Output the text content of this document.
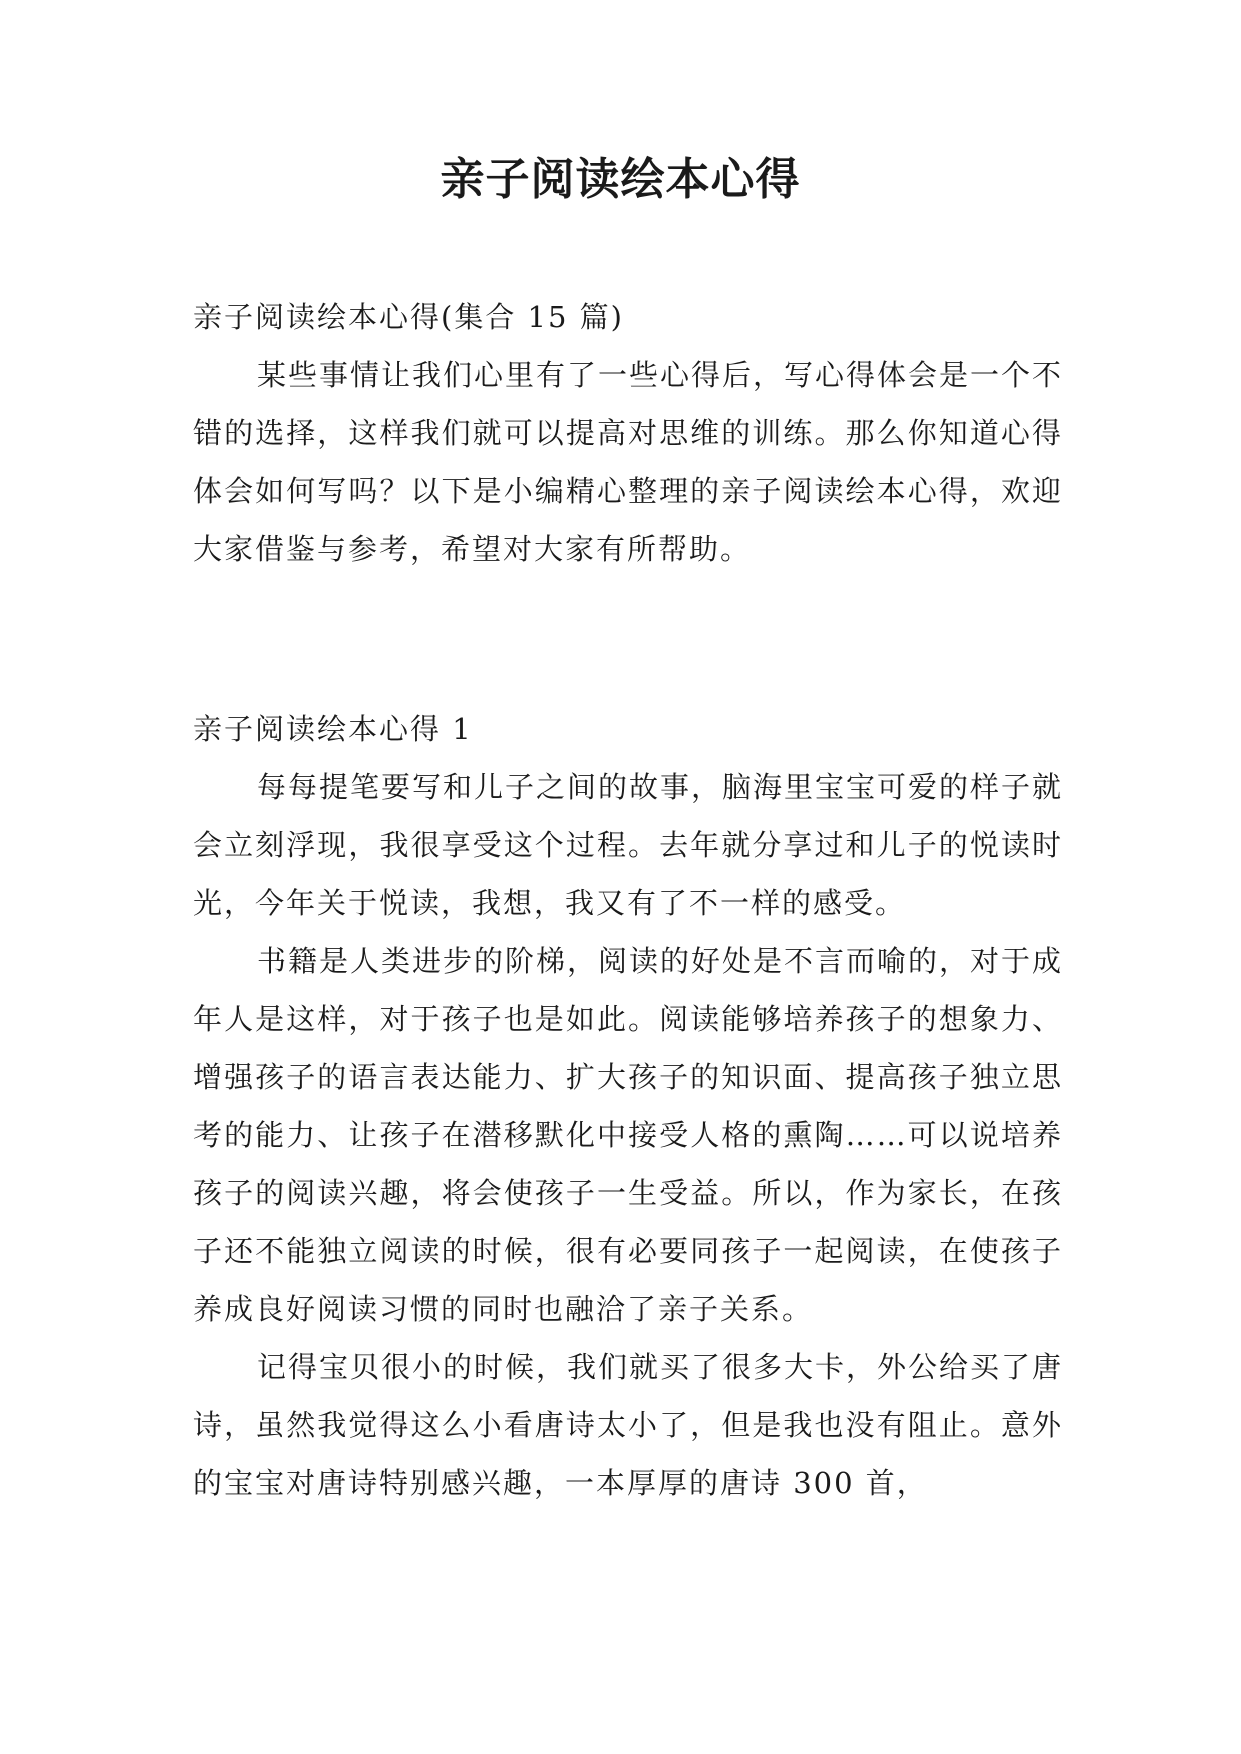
亲子阅读绘本心得

亲子阅读绘本心得(集合 15 篇)

某些事情让我们心里有了一些心得后，写心得体会是一个不错的选择，这样我们就可以提高对思维的训练。那么你知道心得体会如何写吗？以下是小编精心整理的亲子阅读绘本心得，欢迎大家借鉴与参考，希望对大家有所帮助。

亲子阅读绘本心得 1

每每提笔要写和儿子之间的故事，脑海里宝宝可爱的样子就会立刻浮现，我很享受这个过程。去年就分享过和儿子的悦读时光，今年关于悦读，我想，我又有了不一样的感受。

书籍是人类进步的阶梯，阅读的好处是不言而喻的，对于成年人是这样，对于孩子也是如此。阅读能够培养孩子的想象力、增强孩子的语言表达能力、扩大孩子的知识面、提高孩子独立思考的能力、让孩子在潜移默化中接受人格的熏陶……可以说培养孩子的阅读兴趣，将会使孩子一生受益。所以，作为家长，在孩子还不能独立阅读的时候，很有必要同孩子一起阅读，在使孩子养成良好阅读习惯的同时也融洽了亲子关系。

记得宝贝很小的时候，我们就买了很多大卡，外公给买了唐诗，虽然我觉得这么小看唐诗太小了，但是我也没有阻止。意外的宝宝对唐诗特别感兴趣，一本厚厚的唐诗 300 首，
